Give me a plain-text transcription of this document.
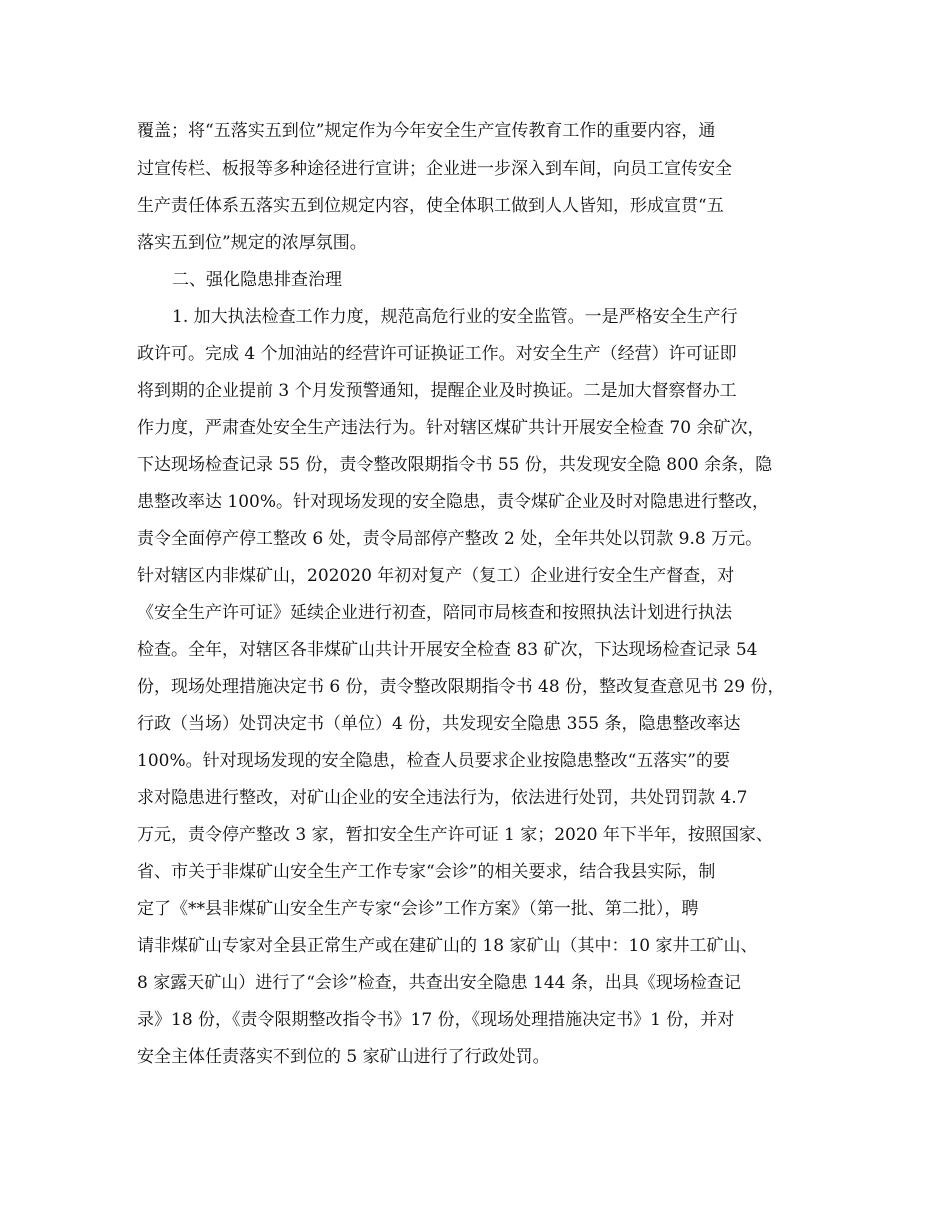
覆盖；将“五落实五到位”规定作为今年安全生产宣传教育工作的重要内容，通
过宣传栏、板报等多种途径进行宣讲；企业进一步深入到车间，向员工宣传安全
生产责任体系五落实五到位规定内容，使全体职工做到人人皆知，形成宣贯“五
落实五到位”规定的浓厚氛围。
二、强化隐患排查治理
1. 加大执法检查工作力度，规范高危行业的安全监管。一是严格安全生产行
政许可。完成 4 个加油站的经营许可证换证工作。对安全生产（经营）许可证即
将到期的企业提前 3 个月发预警通知，提醒企业及时换证。二是加大督察督办工
作力度，严肃查处安全生产违法行为。针对辖区煤矿共计开展安全检查 70 余矿次，
下达现场检查记录 55 份，责令整改限期指令书 55 份，共发现安全隐 800 余条，隐
患整改率达 100%。针对现场发现的安全隐患，责令煤矿企业及时对隐患进行整改，
责令全面停产停工整改 6 处，责令局部停产整改 2 处，全年共处以罚款 9.8 万元。
针对辖区内非煤矿山，202020 年初对复产（复工）企业进行安全生产督查，对
《安全生产许可证》延续企业进行初查，陪同市局核查和按照执法计划进行执法
检查。全年，对辖区各非煤矿山共计开展安全检查 83 矿次，下达现场检查记录 54
份，现场处理措施决定书 6 份，责令整改限期指令书 48 份，整改复查意见书 29 份，
行政（当场）处罚决定书（单位）4 份，共发现安全隐患 355 条，隐患整改率达
100%。针对现场发现的安全隐患，检查人员要求企业按隐患整改“五落实”的要
求对隐患进行整改，对矿山企业的安全违法行为，依法进行处罚，共处罚罚款 4.7
万元，责令停产整改 3 家，暂扣安全生产许可证 1 家；2020 年下半年，按照国家、
省、市关于非煤矿山安全生产工作专家“会诊”的相关要求，结合我县实际，制
定了《**县非煤矿山安全生产专家“会诊”工作方案》（第一批、第二批），聘
请非煤矿山专家对全县正常生产或在建矿山的 18 家矿山（其中：10 家井工矿山、
8 家露天矿山）进行了“会诊”检查，共查出安全隐患 144 条，出具《现场检查记
录》18 份，《责令限期整改指令书》17 份，《现场处理措施决定书》1 份，并对
安全主体任责落实不到位的 5 家矿山进行了行政处罚。
